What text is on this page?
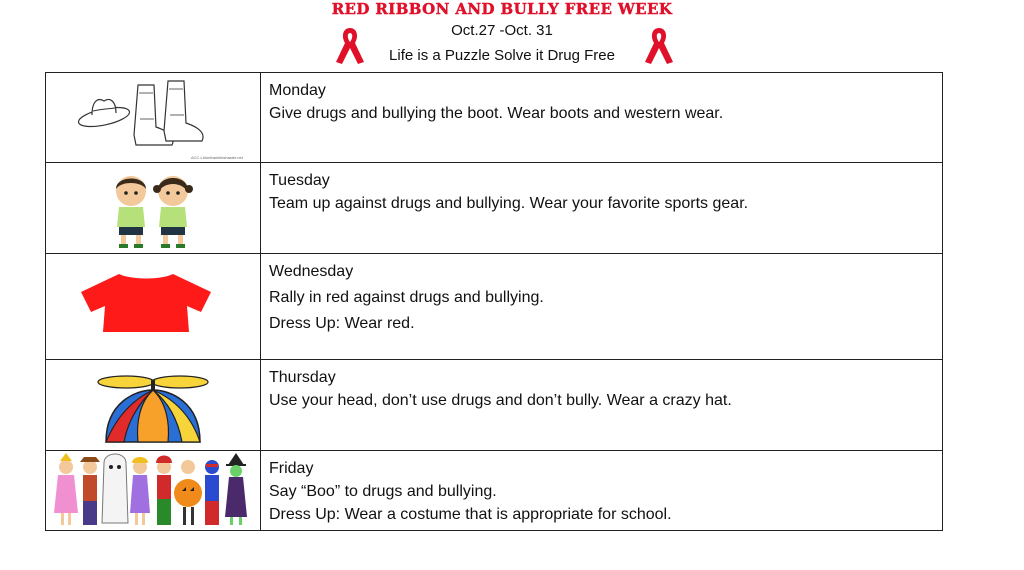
RED RIBBON AND BULLY FREE WEEK
Oct.27 -Oct. 31
Life is a Puzzle Solve it Drug Free
ACC.Lirlonfranklinshaster.net	Monday
Give drugs and bullying the boot. Wear boots and western wear.

Tuesday
Team up against drugs and bullying. Wear your favorite sports gear.

Wednesday
Rally in red against drugs and bullying.
Dress Up: Wear red.

Thursday
Use your head, don’t use drugs and don’t bully. Wear a crazy hat.

Friday
Say “Boo” to drugs and bullying.
Dress Up: Wear a costume that is appropriate for school.
